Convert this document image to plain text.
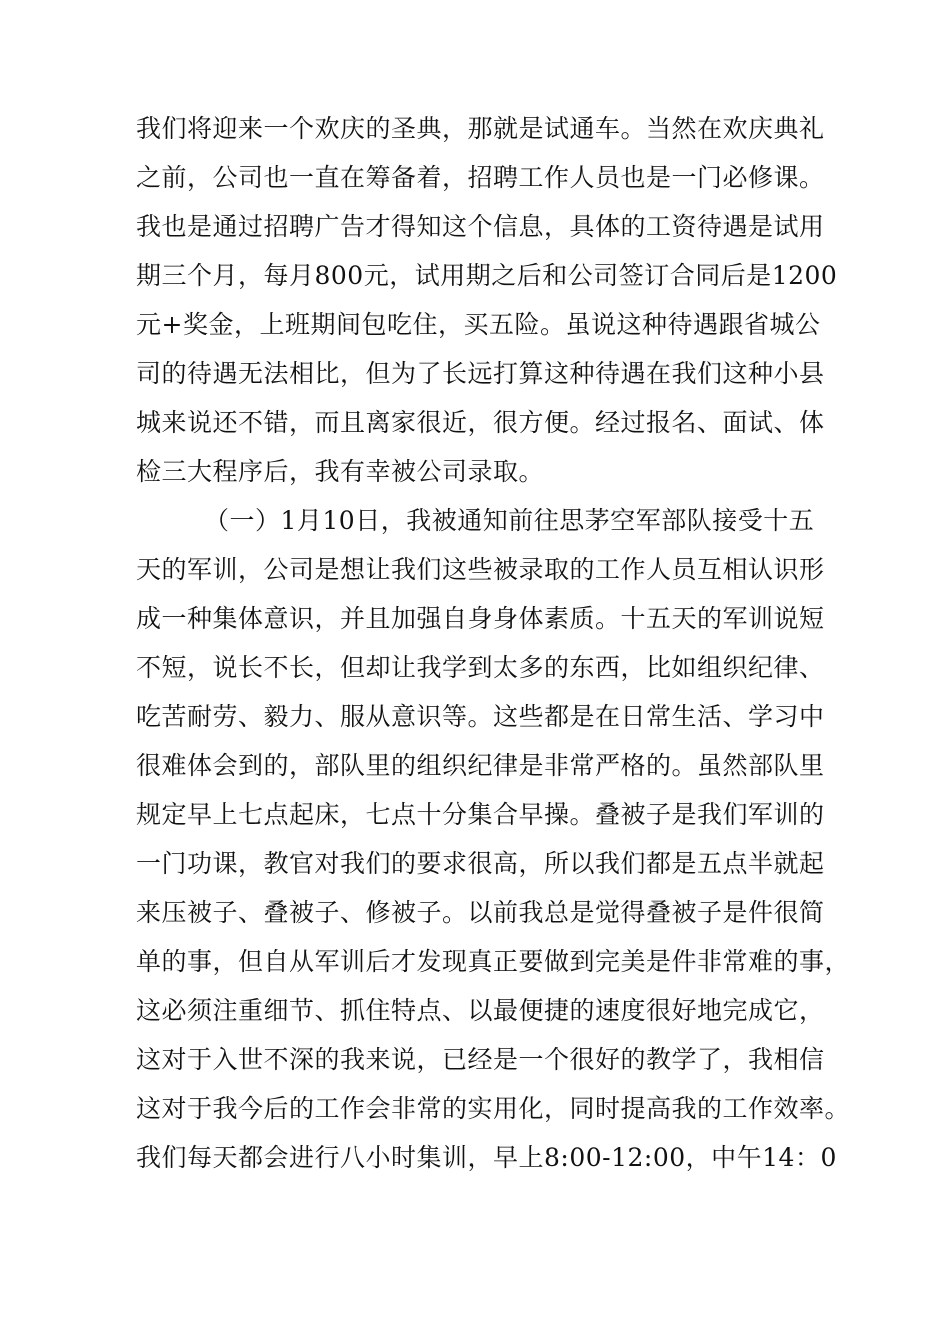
我们将迎来一个欢庆的圣典，那就是试通车。当然在欢庆典礼
之前，公司也一直在筹备着，招聘工作人员也是一门必修课。
我也是通过招聘广告才得知这个信息，具体的工资待遇是试用
期三个月，每月800元，试用期之后和公司签订合同后是1200
元+奖金，上班期间包吃住，买五险。虽说这种待遇跟省城公
司的待遇无法相比，但为了长远打算这种待遇在我们这种小县
城来说还不错，而且离家很近，很方便。经过报名、面试、体
检三大程序后，我有幸被公司录取。
（一）1月10日，我被通知前往思茅空军部队接受十五
天的军训，公司是想让我们这些被录取的工作人员互相认识形
成一种集体意识，并且加强自身身体素质。十五天的军训说短
不短，说长不长，但却让我学到太多的东西，比如组织纪律、
吃苦耐劳、毅力、服从意识等。这些都是在日常生活、学习中
很难体会到的，部队里的组织纪律是非常严格的。虽然部队里
规定早上七点起床，七点十分集合早操。叠被子是我们军训的
一门功课，教官对我们的要求很高，所以我们都是五点半就起
来压被子、叠被子、修被子。以前我总是觉得叠被子是件很简
单的事，但自从军训后才发现真正要做到完美是件非常难的事，
这必须注重细节、抓住特点、以最便捷的速度很好地完成它，
这对于入世不深的我来说，已经是一个很好的教学了，我相信
这对于我今后的工作会非常的实用化，同时提高我的工作效率。
我们每天都会进行八小时集训，早上8:00-12:00，中午14：0
